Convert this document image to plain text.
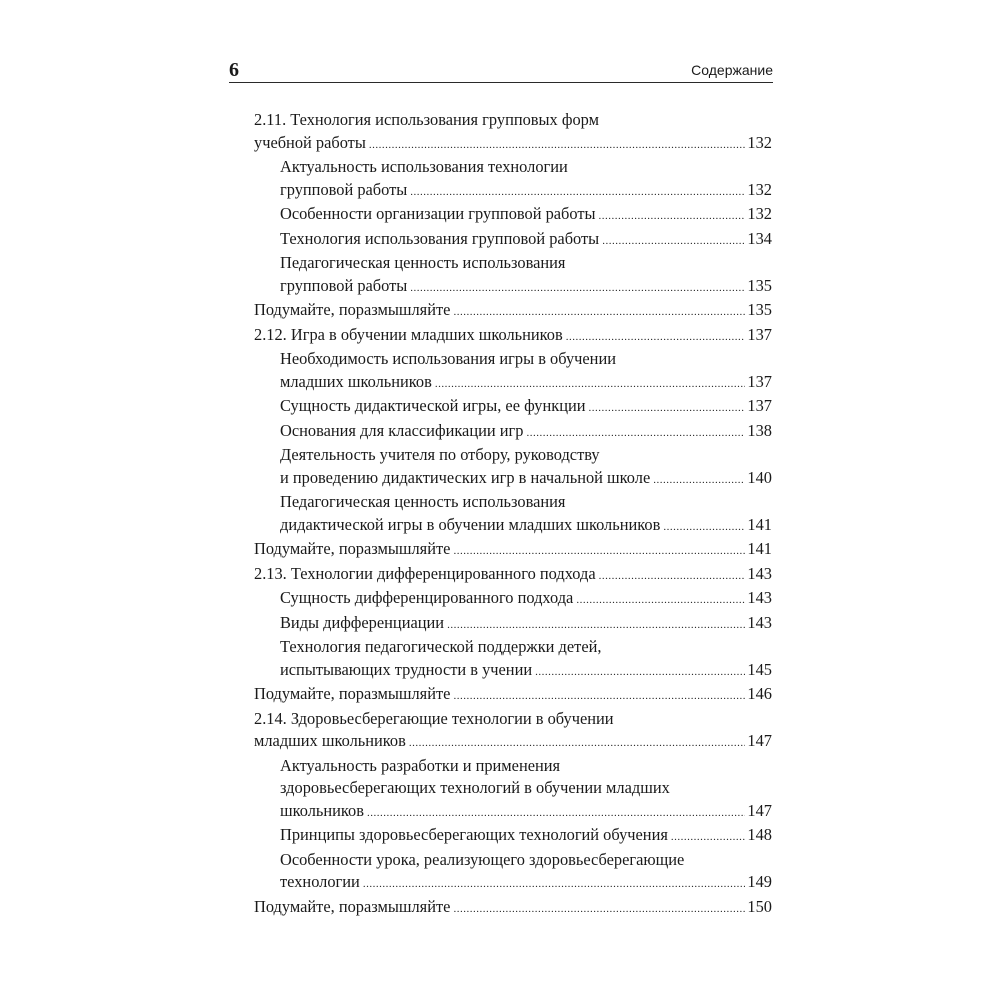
6	Содержание
2.11. Технология использования групповых форм
учебной работы .....	132
Актуальность использования технологии
групповой работы .....	132
Особенности организации групповой работы .....	132
Технология использования групповой работы .....	134
Педагогическая ценность использования
групповой работы .....	135
Подумайте, поразмышляйте .....	135
2.12. Игра в обучении младших школьников .....	137
Необходимость использования игры в обучении
младших школьников .....	137
Сущность дидактической игры, ее функции .....	137
Основания для классификации игр .....	138
Деятельность учителя по отбору, руководству
и проведению дидактических игр в начальной школе .....	140
Педагогическая ценность использования
дидактической игры в обучении младших школьников .....	141
Подумайте, поразмышляйте .....	141
2.13. Технологии дифференцированного подхода .....	143
Сущность дифференцированного подхода .....	143
Виды дифференциации .....	143
Технология педагогической поддержки детей,
испытывающих трудности в учении .....	145
Подумайте, поразмышляйте .....	146
2.14. Здоровьесберегающие технологии в обучении
младших школьников .....	147
Актуальность разработки и применения
здоровьесберегающих технологий в обучении младших
школьников .....	147
Принципы здоровьесберегающих технологий обучения .....	148
Особенности урока, реализующего здоровьесберегающие
технологии .....	149
Подумайте, поразмышляйте .....	150
